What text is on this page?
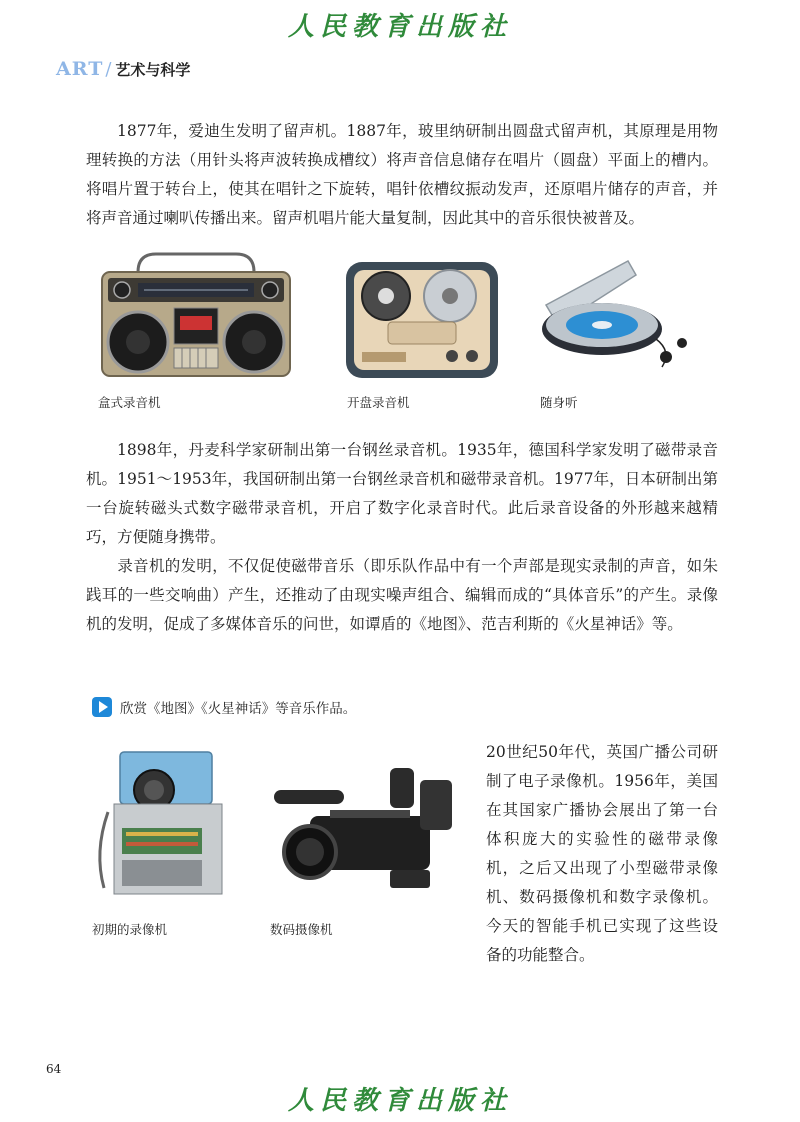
人民教育出版社
ART / 艺术与科学

1877年，爱迪生发明了留声机。1887年，玻里纳研制出圆盘式留声机，其原理是用物理转换的方法（用针头将声波转换成槽纹）将声音信息储存在唱片（圆盘）平面上的槽内。将唱片置于转台上，使其在唱针之下旋转，唱针依槽纹振动发声，还原唱片储存的声音，并将声音通过喇叭传播出来。留声机唱片能大量复制，因此其中的音乐很快被普及。

盒式录音机	开盘录音机	随身听

1898年，丹麦科学家研制出第一台钢丝录音机。1935年，德国科学家发明了磁带录音机。1951～1953年，我国研制出第一台钢丝录音机和磁带录音机。1977年，日本研制出第一台旋转磁头式数字磁带录音机，开启了数字化录音时代。此后录音设备的外形越来越精巧，方便随身携带。

录音机的发明，不仅促使磁带音乐（即乐队作品中有一个声部是现实录制的声音，如朱践耳的一些交响曲）产生，还推动了由现实噪声组合、编辑而成的“具体音乐”的产生。录像机的发明，促成了多媒体音乐的问世，如谭盾的《地图》、范吉利斯的《火星神话》等。

欣赏《地图》《火星神话》等音乐作品。
初期的录像机	数码摄像机

20世纪50年代，英国广播公司研制了电子录像机。1956年，美国在其国家广播协会展出了第一台体积庞大的实验性的磁带录像机，之后又出现了小型磁带录像机、数码摄像机和数字录像机。今天的智能手机已实现了这些设备的功能整合。

64
人民教育出版社
